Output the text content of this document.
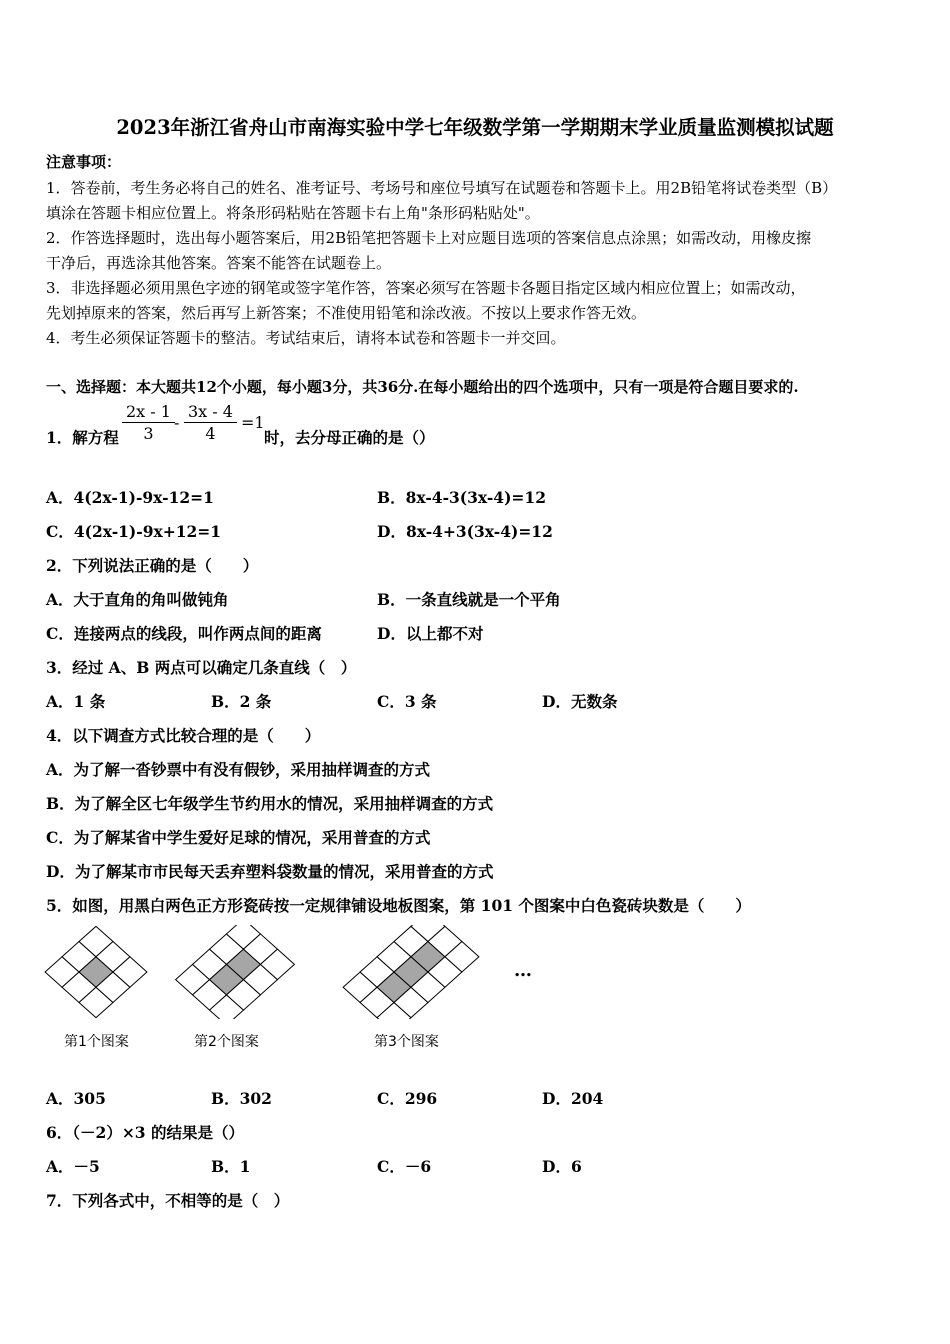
2023年浙江省舟山市南海实验中学七年级数学第一学期期末学业质量监测模拟试题
注意事项：
1．答卷前，考生务必将自己的姓名、准考证号、考场号和座位号填写在试题卷和答题卡上。用2B铅笔将试卷类型（B）
填涂在答题卡相应位置上。将条形码粘贴在答题卡右上角"条形码粘贴处"。
2．作答选择题时，选出每小题答案后，用2B铅笔把答题卡上对应题目选项的答案信息点涂黑；如需改动，用橡皮擦
干净后，再选涂其他答案。答案不能答在试题卷上。
3．非选择题必须用黑色字迹的钢笔或签字笔作答，答案必须写在答题卡各题目指定区域内相应位置上；如需改动，
先划掉原来的答案，然后再写上新答案；不准使用铅笔和涂改液。不按以上要求作答无效。
4．考生必须保证答题卡的整洁。考试结束后，请将本试卷和答题卡一并交回。
一、选择题：本大题共12个小题，每小题3分，共36分.在每小题给出的四个选项中，只有一项是符合题目要求的.
1．解方程 $\frac{2x - 1}{3} - \frac{3x - 4}{4} =1$
时，去分母正确的是（）
A．4(2x-1)-9x-12=1	B．8x-4-3(3x-4)=12
C．4(2x-1)-9x+12=1	D．8x-4+3(3x-4)=12
2．下列说法正确的是（　　）
A．大于直角的角叫做钝角	B．一条直线就是一个平角
C．连接两点的线段，叫作两点间的距离	D．以上都不对
3．经过 A、B 两点可以确定几条直线（　）
A．1 条	B．2 条	C．3 条	D．无数条
4．以下调查方式比较合理的是（　　）
A．为了解一沓钞票中有没有假钞，采用抽样调查的方式
B．为了解全区七年级学生节约用水的情况，采用抽样调查的方式
C．为了解某省中学生爱好足球的情况，采用普查的方式
D．为了解某市市民每天丢弃塑料袋数量的情况，采用普查的方式
5．如图，用黑白两色正方形瓷砖按一定规律铺设地板图案，第 101 个图案中白色瓷砖块数是（　　）
…
第1个图案	第2个图案	第3个图案
A．305	B．302	C．296	D．204
6．（－2）×3 的结果是（）
A．－5	B．1	C．－6	D．6
7．下列各式中，不相等的是（　）
